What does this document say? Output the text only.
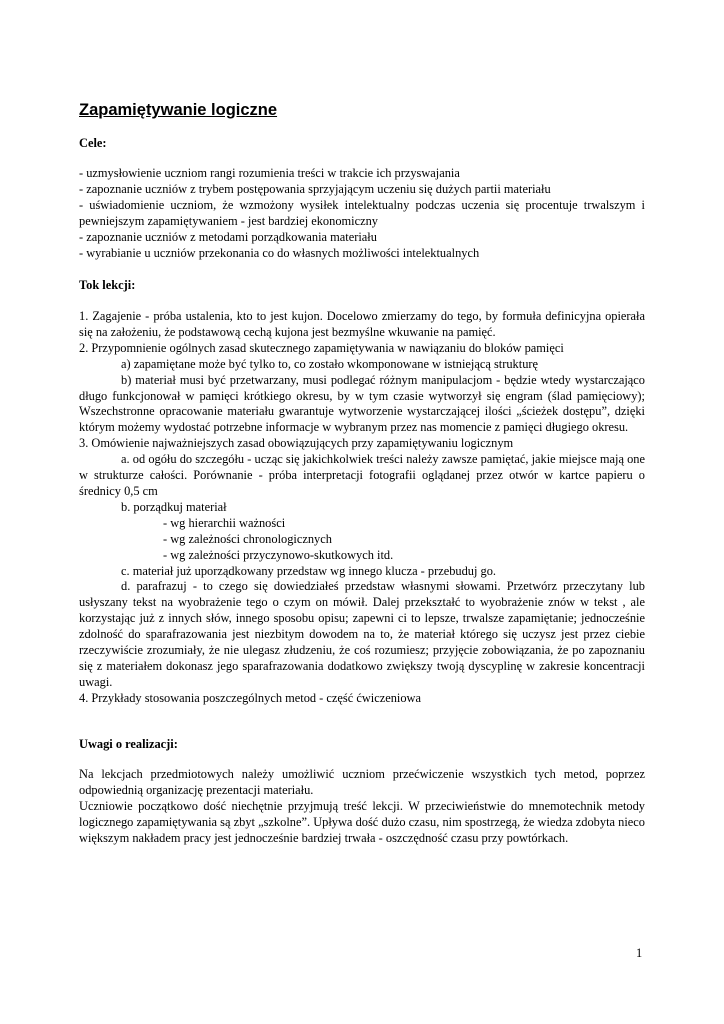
Zapamiętywanie logiczne

Cele:

- uzmysłowienie uczniom rangi rozumienia treści w trakcie ich przyswajania

- zapoznanie uczniów z trybem postępowania sprzyjającym uczeniu się dużych partii materiału

- uświadomienie uczniom, że wzmożony wysiłek intelektualny podczas uczenia się procentuje trwalszym i pewniejszym zapamiętywaniem - jest bardziej ekonomiczny

- zapoznanie uczniów z metodami porządkowania materiału

- wyrabianie u uczniów przekonania co do własnych możliwości intelektualnych

Tok lekcji:

1. Zagajenie - próba ustalenia, kto to jest kujon. Docelowo zmierzamy do tego, by formuła definicyjna opierała się na założeniu, że podstawową cechą kujona jest bezmyślne wkuwanie na pamięć.

2. Przypomnienie ogólnych zasad skutecznego zapamiętywania w nawiązaniu do bloków pamięci

a) zapamiętane może być tylko to, co zostało wkomponowane w istniejącą strukturę

b) materiał musi być przetwarzany, musi podlegać różnym manipulacjom - będzie wtedy wystarczająco długo funkcjonował w pamięci krótkiego okresu, by w tym czasie wytworzył się engram (ślad pamięciowy); Wszechstronne opracowanie materiału gwarantuje wytworzenie wystarczającej ilości „ścieżek dostępu”, dzięki którym możemy wydostać potrzebne informacje w wybranym przez nas momencie z pamięci długiego okresu.

3. Omówienie najważniejszych zasad obowiązujących przy zapamiętywaniu logicznym

a. od ogółu do szczegółu - ucząc się jakichkolwiek treści należy zawsze pamiętać, jakie miejsce mają one w strukturze całości. Porównanie - próba interpretacji fotografii oglądanej przez otwór w kartce papieru o średnicy 0,5 cm

b. porządkuj materiał

- wg hierarchii ważności

- wg zależności chronologicznych

- wg zależności przyczynowo-skutkowych itd.

c. materiał już uporządkowany przedstaw wg innego klucza - przebuduj go.

d. parafrazuj - to czego się dowiedziałeś przedstaw własnymi słowami. Przetwórz przeczytany lub usłyszany tekst na wyobrażenie tego o czym on mówił. Dalej przekształć to wyobrażenie znów w tekst , ale korzystając już z innych słów, innego sposobu opisu; zapewni ci to lepsze, trwalsze zapamiętanie; jednocześnie zdolność do sparafrazowania jest niezbitym dowodem na to, że materiał którego się uczysz jest przez ciebie rzeczywiście zrozumiały, że nie ulegasz złudzeniu, że coś rozumiesz; przyjęcie zobowiązania, że po zapoznaniu się z materiałem dokonasz jego sparafrazowania dodatkowo zwiększy twoją dyscyplinę w zakresie koncentracji uwagi.

4. Przykłady stosowania poszczególnych metod - część ćwiczeniowa

Uwagi o realizacji:

Na lekcjach przedmiotowych należy umożliwić uczniom przećwiczenie wszystkich tych metod, poprzez odpowiednią organizację prezentacji materiału.

Uczniowie początkowo dość niechętnie przyjmują treść lekcji. W przeciwieństwie do mnemotechnik metody logicznego zapamiętywania są zbyt „szkolne”. Upływa dość dużo czasu, nim spostrzegą, że wiedza zdobyta nieco większym nakładem pracy jest jednocześnie bardziej trwała - oszczędność czasu przy powtórkach.

1
